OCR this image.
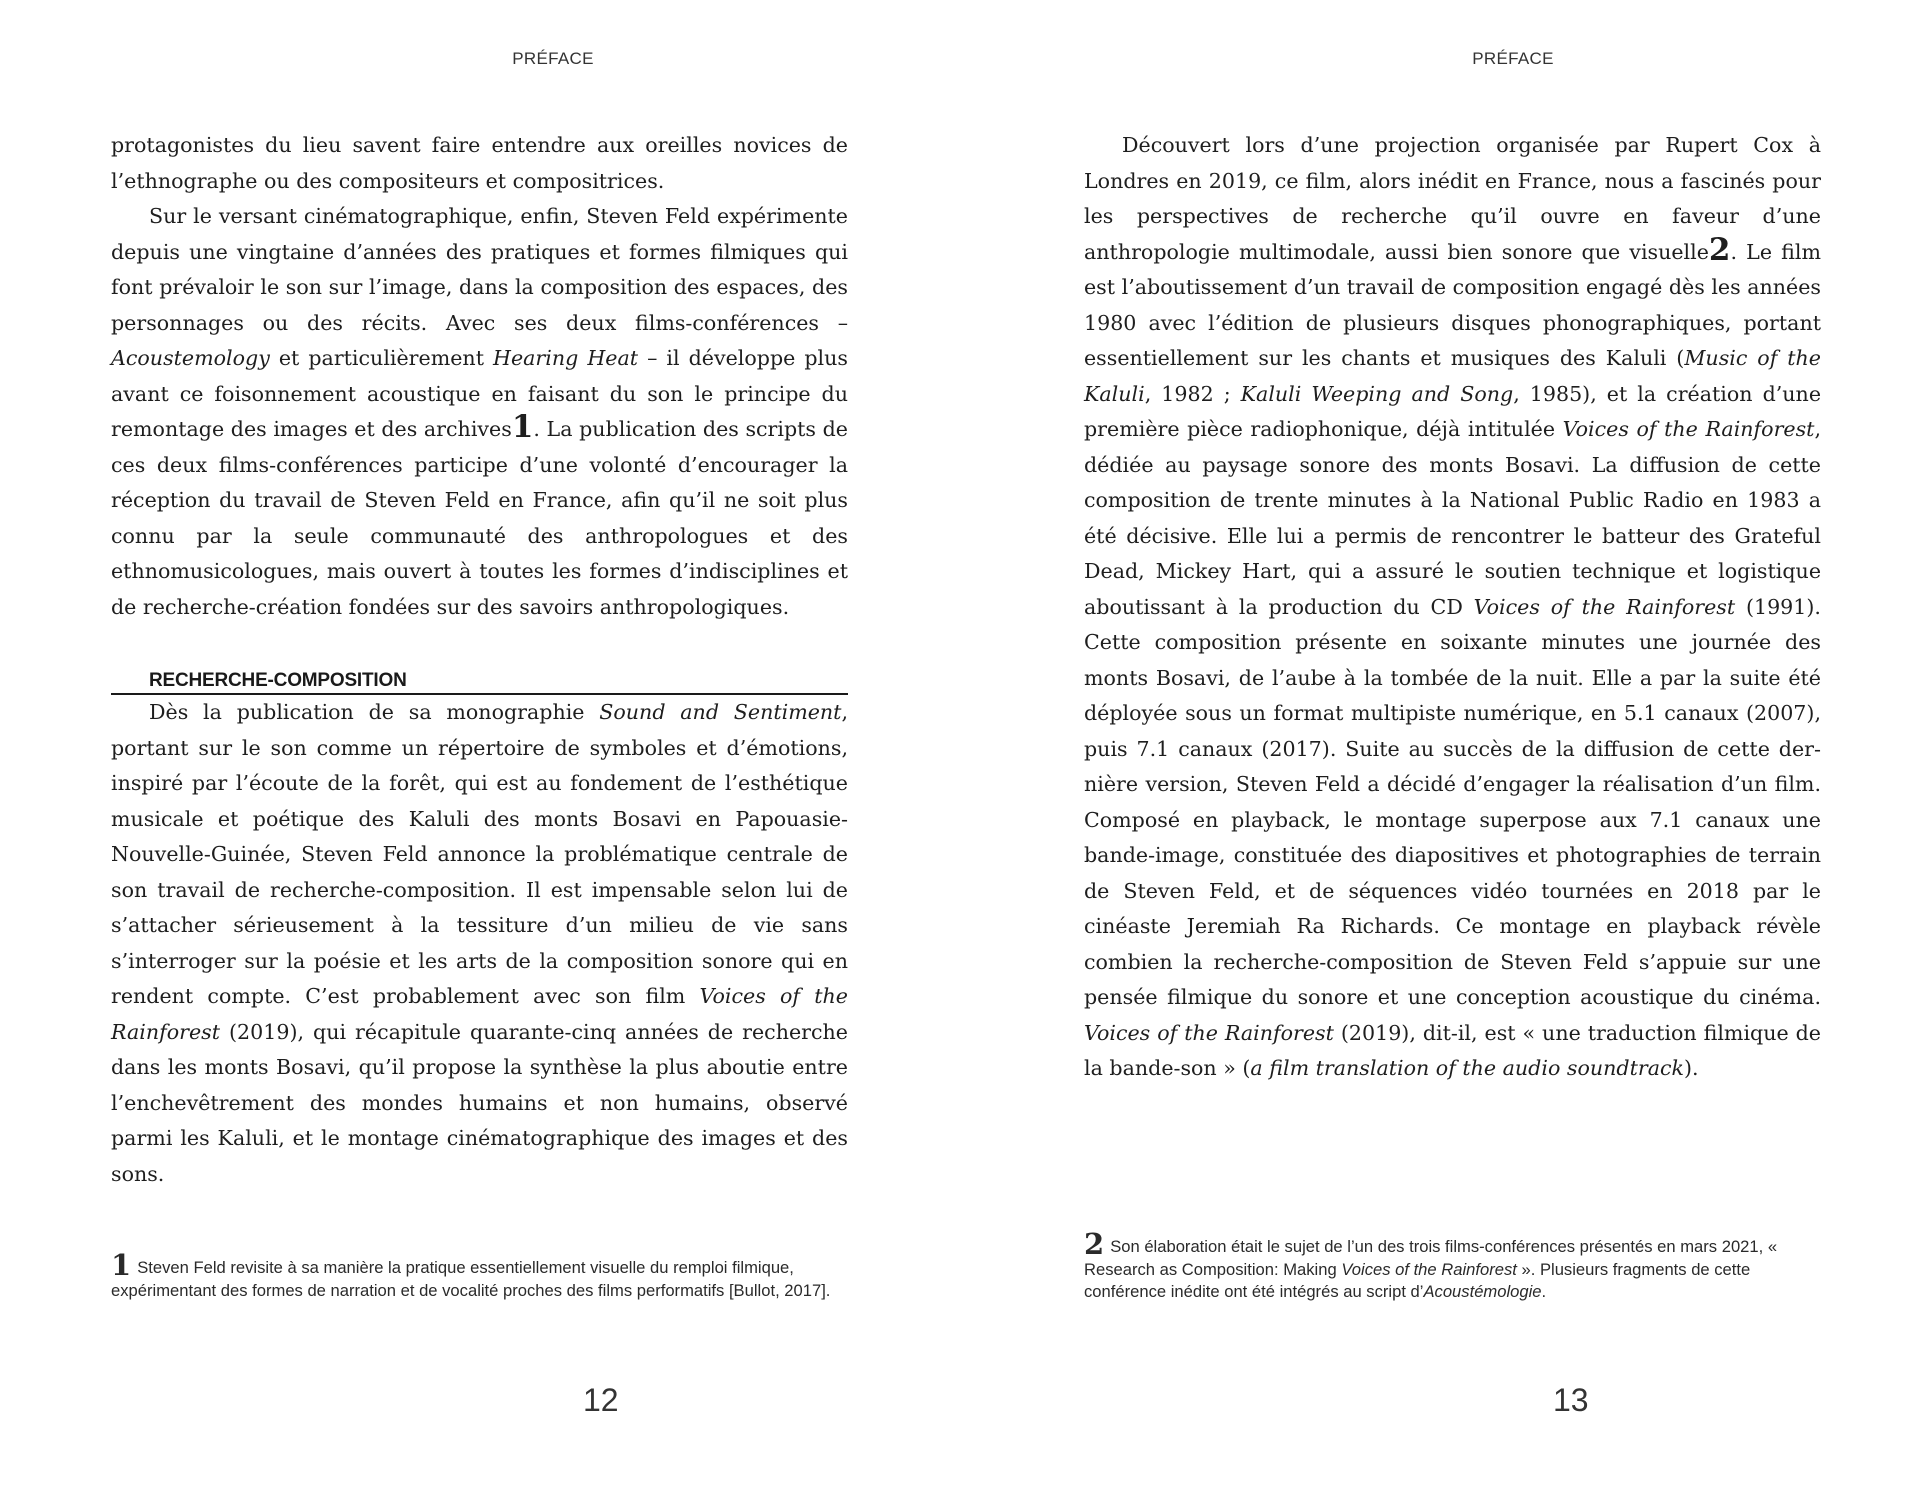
PRÉFACE

protagonistes du lieu savent faire entendre aux oreilles novices de l’ethnographe ou des compositeurs et compositrices.

Sur le versant cinématographique, enfin, Steven Feld expérimente depuis une vingtaine d’années des pratiques et formes filmiques qui font prévaloir le son sur l’image, dans la composition des espaces, des personnages ou des récits. Avec ses deux films-conférences – Acoustemology et particulièrement Hearing Heat – il développe plus avant ce foisonnement acoustique en faisant du son le principe du remontage des images et des archives1. La publication des scripts de ces deux films-conférences participe d’une volonté d’encourager la réception du travail de Steven Feld en France, afin qu’il ne soit plus connu par la seule communauté des anthropologues et des ethnomusicologues, mais ouvert à toutes les formes d’indisciplines et de recherche-création fondées sur des savoirs anthropologiques.

RECHERCHE-COMPOSITION

Dès la publication de sa monographie Sound and Sentiment, portant sur le son comme un répertoire de symboles et d’émotions, inspiré par l’écoute de la forêt, qui est au fondement de l’esthétique musicale et poétique des Kaluli des monts Bosavi en Papouasie-Nouvelle-Guinée, Steven Feld annonce la problématique centrale de son travail de recherche-composition. Il est impensable selon lui de s’attacher sérieusement à la tessiture d’un milieu de vie sans s’interroger sur la poésie et les arts de la composition sonore qui en rendent compte. C’est probablement avec son film Voices of the Rainforest (2019), qui récapitule quarante-cinq années de recherche dans les monts Bosavi, qu’il propose la synthèse la plus aboutie entre l’enchevêtrement des mondes humains et non humains, observé parmi les Kaluli, et le montage cinématographique des images et des sons.

1 Steven Feld revisite à sa manière la pratique essentiellement visuelle du remploi filmique, expérimentant des formes de narration et de vocalité proches des films performatifs [Bullot, 2017].
12
PRÉFACE

Découvert lors d’une projection organisée par Rupert Cox à Londres en 2019, ce film, alors inédit en France, nous a fascinés pour les perspectives de recherche qu’il ouvre en faveur d’une anthropologie multimodale, aussi bien sonore que visuelle2. Le film est l’aboutissement d’un travail de composition engagé dès les années 1980 avec l’édition de plusieurs disques phonographiques, portant essentiellement sur les chants et musiques des Kaluli (Music of the Kaluli, 1982 ; Kaluli Weeping and Song, 1985), et la création d’une première pièce radiophonique, déjà intitulée Voices of the Rainforest, dédiée au paysage sonore des monts Bosavi. La diffusion de cette composition de trente minutes à la National Public Radio en 1983 a été décisive. Elle lui a permis de rencontrer le batteur des Grateful Dead, Mickey Hart, qui a assuré le soutien technique et logistique aboutissant à la production du CD Voices of the Rainforest (1991). Cette composition présente en soixante minutes une journée des monts Bosavi, de l’aube à la tombée de la nuit. Elle a par la suite été déployée sous un format multipiste numérique, en 5.1 canaux (2007), puis 7.1 canaux (2017). Suite au succès de la diffusion de cette dernière version, Steven Feld a décidé d’engager la réalisation d’un film. Composé en playback, le montage superpose aux 7.1 canaux une bande-image, constituée des diapositives et photographies de terrain de Steven Feld, et de séquences vidéo tournées en 2018 par le cinéaste Jeremiah Ra Richards. Ce montage en playback révèle combien la recherche-composition de Steven Feld s’appuie sur une pensée filmique du sonore et une conception acoustique du cinéma. Voices of the Rainforest (2019), dit-il, est « une traduction filmique de la bande-son » (a film translation of the audio soundtrack).

2 Son élaboration était le sujet de l’un des trois films-conférences présentés en mars 2021, « Research as Composition: Making Voices of the Rainforest ». Plusieurs fragments de cette conférence inédite ont été intégrés au script d’Acoustémologie.
13
